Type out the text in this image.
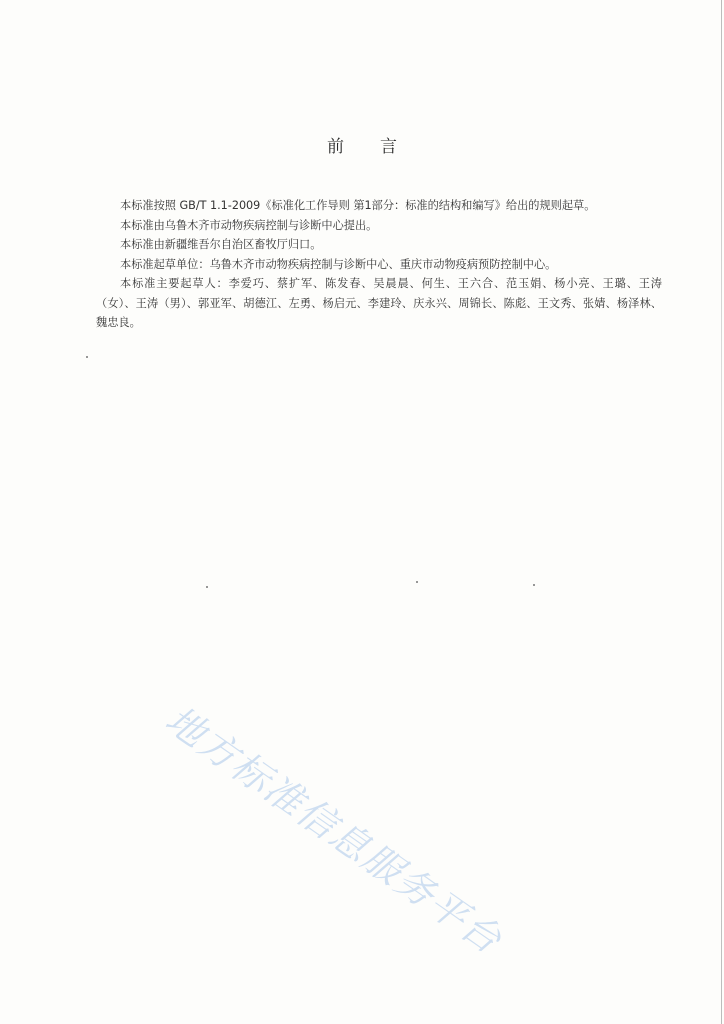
前 言
本标准按照 GB/T 1.1-2009《标准化工作导则 第1部分：标准的结构和编写》给出的规则起草。
本标准由乌鲁木齐市动物疾病控制与诊断中心提出。
本标准由新疆维吾尔自治区畜牧厅归口。
本标准起草单位：乌鲁木齐市动物疾病控制与诊断中心、重庆市动物疫病预防控制中心。
本标准主要起草人：李爱巧、蔡扩军、陈发春、吴晨晨、何生、王六合、范玉娟、杨小亮、王璐、王涛（女）、王涛（男）、郭亚军、胡德江、左勇、杨启元、李建玲、庆永兴、周锦长、陈彪、王文秀、张婧、杨泽林、魏忠良。
地方标准信息服务平台
